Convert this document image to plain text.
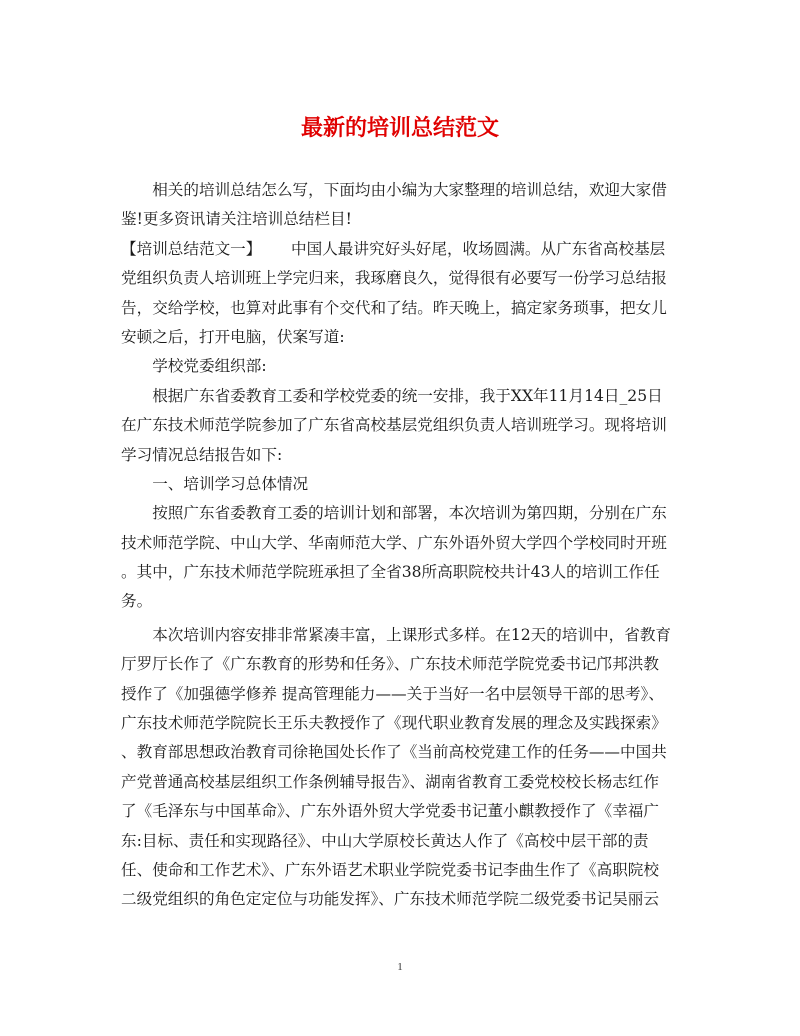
最新的培训总结范文
　　相关的培训总结怎么写，下面均由小编为大家整理的培训总结，欢迎大家借
鉴!更多资讯请关注培训总结栏目!
【培训总结范文一】 中国人最讲究好头好尾，收场圆满。从广东省高校基层
党组织负责人培训班上学完归来，我琢磨良久，觉得很有必要写一份学习总结报
告，交给学校，也算对此事有个交代和了结。昨天晚上，搞定家务琐事，把女儿
安顿之后，打开电脑，伏案写道:
　　学校党委组织部:
　　根据广东省委教育工委和学校党委的统一安排，我于XX年11月14日_25日
在广东技术师范学院参加了广东省高校基层党组织负责人培训班学习。现将培训
学习情况总结报告如下:
　　一、培训学习总体情况
　　按照广东省委教育工委的培训计划和部署，本次培训为第四期，分别在广东
技术师范学院、中山大学、华南师范大学、广东外语外贸大学四个学校同时开班
。其中，广东技术师范学院班承担了全省38所高职院校共计43人的培训工作任
务。
　　本次培训内容安排非常紧凑丰富，上课形式多样。在12天的培训中，省教育
厅罗厅长作了《广东教育的形势和任务》、广东技术师范学院党委书记邝邦洪教
授作了《加强德学修养 提高管理能力——关于当好一名中层领导干部的思考》、
广东技术师范学院院长王乐夫教授作了《现代职业教育发展的理念及实践探索》
、教育部思想政治教育司徐艳国处长作了《当前高校党建工作的任务——中国共
产党普通高校基层组织工作条例辅导报告》、湖南省教育工委党校校长杨志红作
了《毛泽东与中国革命》、广东外语外贸大学党委书记董小麒教授作了《幸福广
东:目标、责任和实现路径》、中山大学原校长黄达人作了《高校中层干部的责
任、使命和工作艺术》、广东外语艺术职业学院党委书记李曲生作了《高职院校
二级党组织的角色定定位与功能发挥》、广东技术师范学院二级党委书记吴丽云
1
